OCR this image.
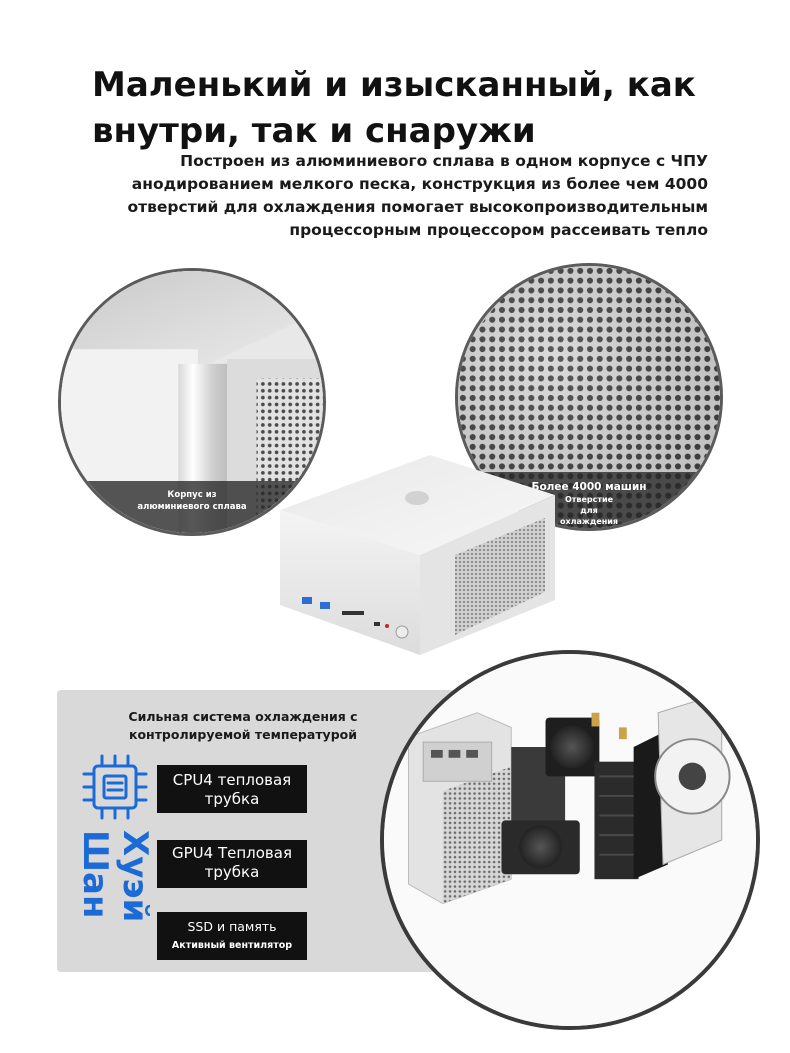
Маленький и изысканный, как
внутри, так и снаружи

Построен из алюминиевого сплава в одном корпусе с ЧПУ
анодированием мелкого песка, конструкция из более чем 4000
отверстий для охлаждения помогает высокопроизводительным
процессорным процессором рассеивать тепло

Корпус из
алюминиевого сплава
Более 4000 машин
Отверстие
для
охлаждения
Сильная система охлаждения с
контролируемой температурой
Хуэй
Шан
CPU4 тепловая
трубка
GPU4 Тепловая
трубка
SSD и память
Активный вентилятор
